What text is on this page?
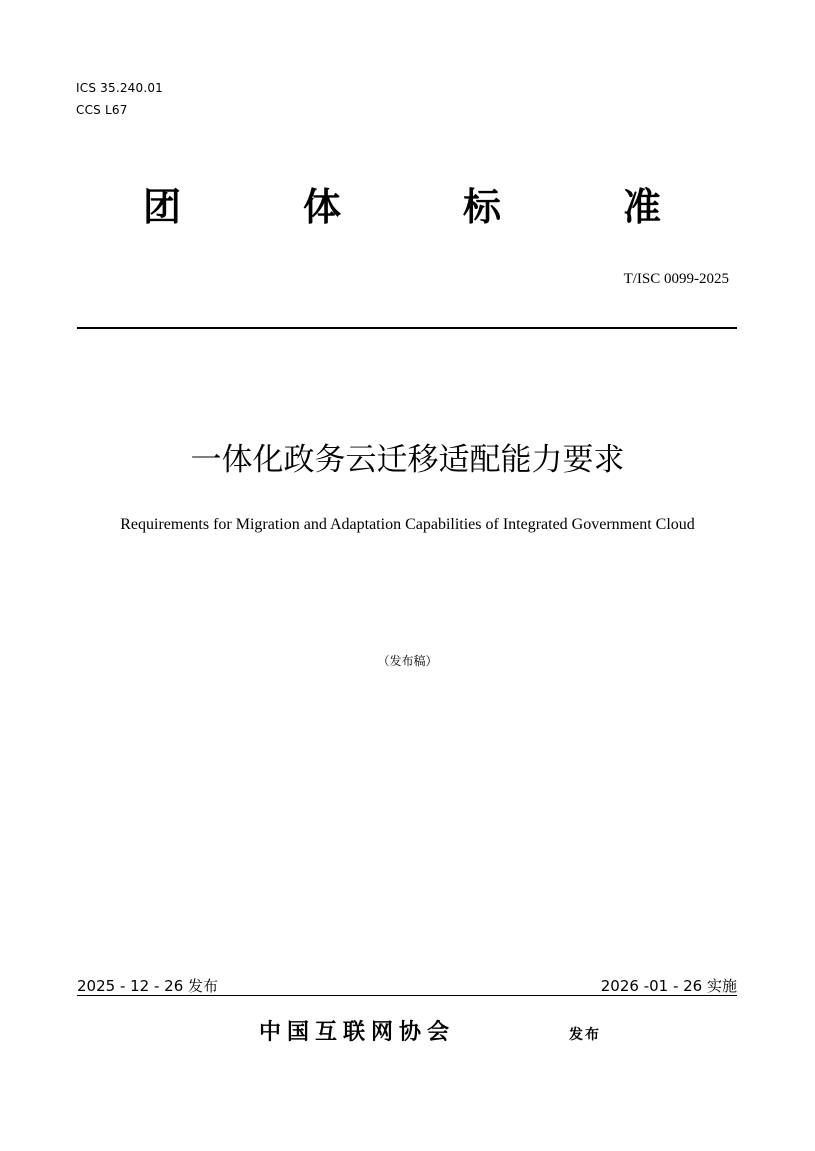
ICS 35.240.01
CCS L67
团	体	标	准
T/ISC 0099-2025
一体化政务云迁移适配能力要求
Requirements for Migration and Adaptation Capabilities of Integrated Government Cloud
（发布稿）
2025 - 12 - 26 发布	2026 -01 - 26 实施
中国互联网协会	发布
